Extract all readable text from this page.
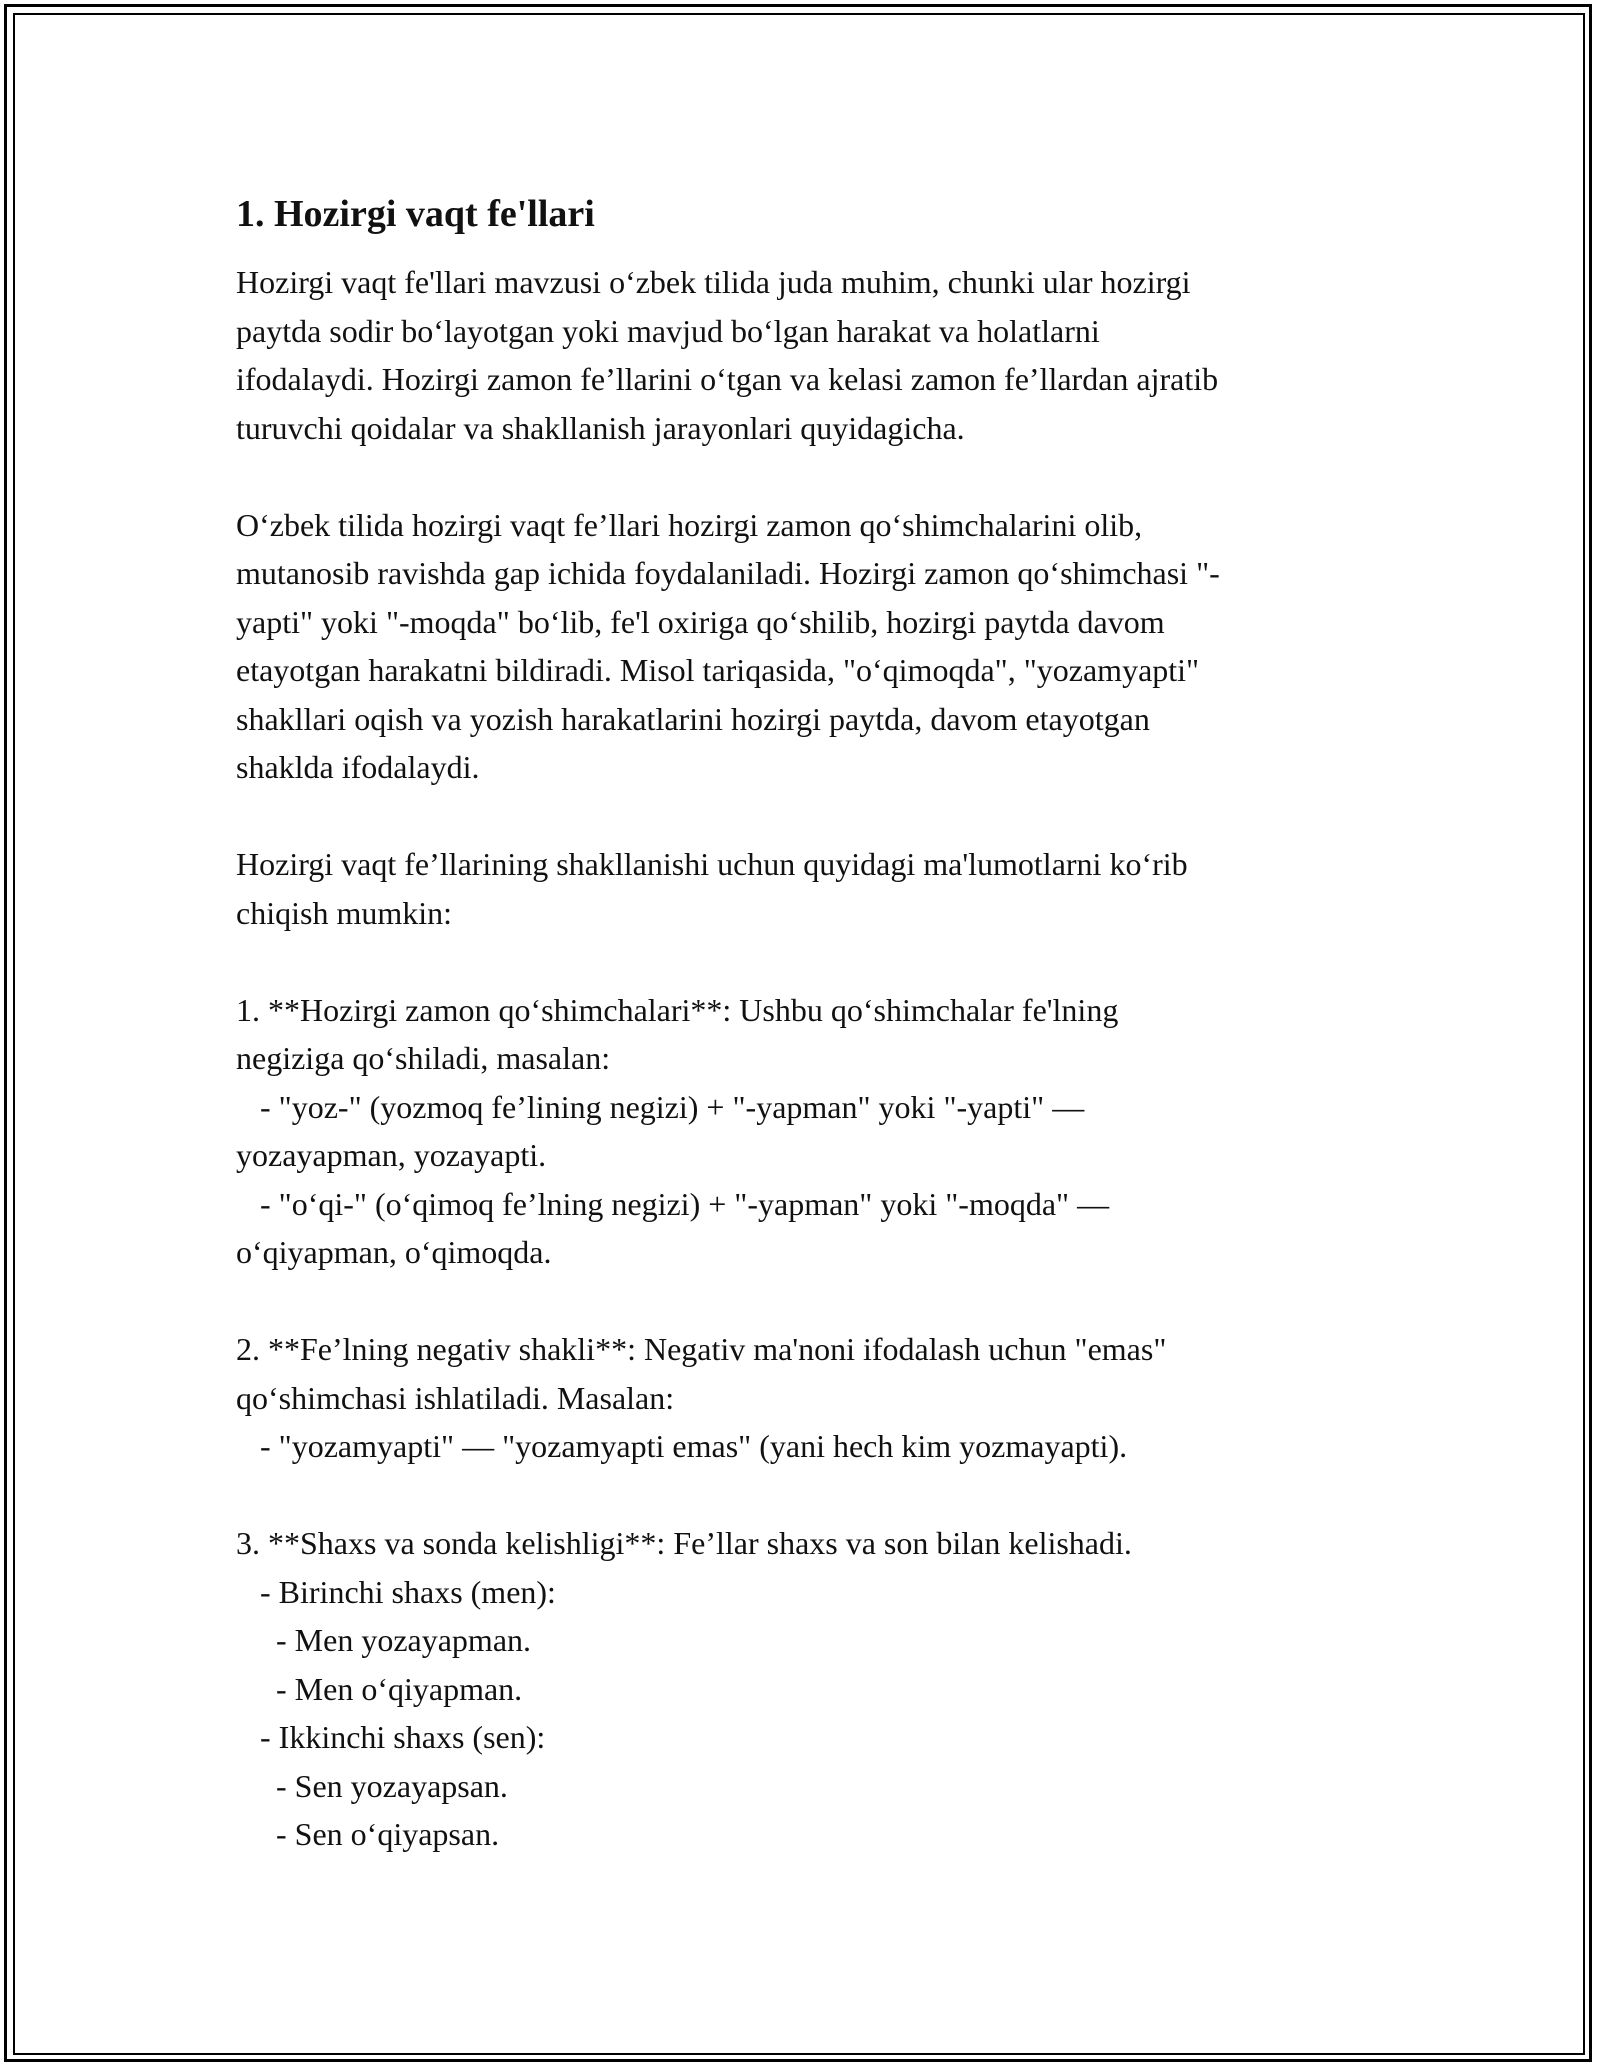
1. Hozirgi vaqt fe'llari
Hozirgi vaqt fe'llari mavzusi o‘zbek tilida juda muhim, chunki ular hozirgi
paytda sodir bo‘layotgan yoki mavjud bo‘lgan harakat va holatlarni
ifodalaydi. Hozirgi zamon fe’llarini o‘tgan va kelasi zamon fe’llardan ajratib
turuvchi qoidalar va shakllanish jarayonlari quyidagicha.
O‘zbek tilida hozirgi vaqt fe’llari hozirgi zamon qo‘shimchalarini olib,
mutanosib ravishda gap ichida foydalaniladi. Hozirgi zamon qo‘shimchasi "-
yapti" yoki "-moqda" bo‘lib, fe'l oxiriga qo‘shilib, hozirgi paytda davom
etayotgan harakatni bildiradi. Misol tariqasida, "o‘qimoqda", "yozamyapti"
shakllari oqish va yozish harakatlarini hozirgi paytda, davom etayotgan
shaklda ifodalaydi.
Hozirgi vaqt fe’llarining shakllanishi uchun quyidagi ma'lumotlarni ko‘rib
chiqish mumkin:
1. **Hozirgi zamon qo‘shimchalari**: Ushbu qo‘shimchalar fe'lning
negiziga qo‘shiladi, masalan:
- "yoz-" (yozmoq fe’lining negizi) + "-yapman" yoki "-yapti" —
yozayapman, yozayapti.
- "o‘qi-" (o‘qimoq fe’lning negizi) + "-yapman" yoki "-moqda" —
o‘qiyapman, o‘qimoqda.
2. **Fe’lning negativ shakli**: Negativ ma'noni ifodalash uchun "emas"
qo‘shimchasi ishlatiladi. Masalan:
- "yozamyapti" — "yozamyapti emas" (yani hech kim yozmayapti).
3. **Shaxs va sonda kelishligi**: Fe’llar shaxs va son bilan kelishadi.
- Birinchi shaxs (men):
- Men yozayapman.
- Men o‘qiyapman.
- Ikkinchi shaxs (sen):
- Sen yozayapsan.
- Sen o‘qiyapsan.
